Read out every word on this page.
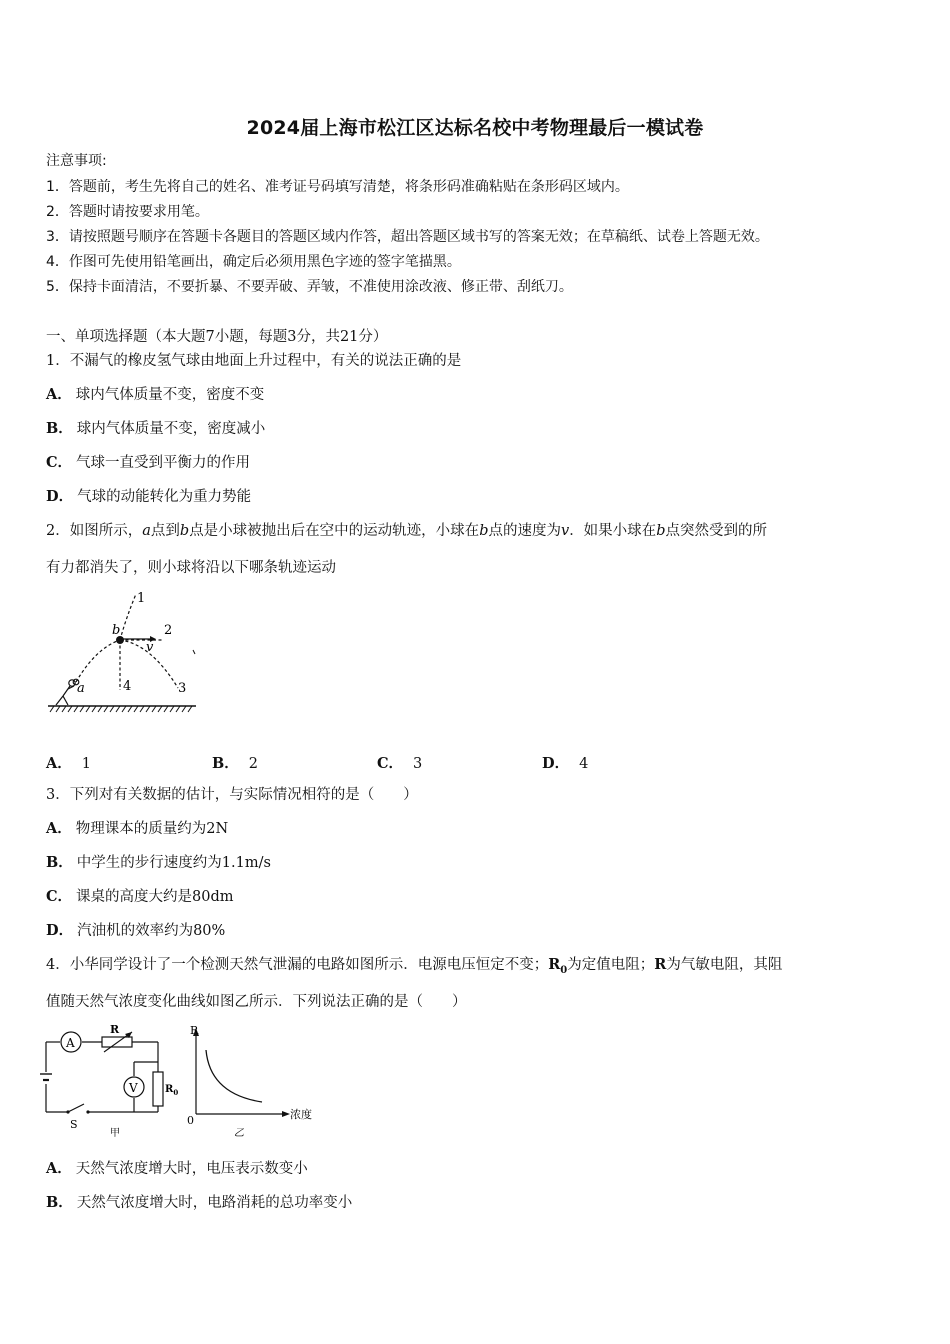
2024届上海市松江区达标名校中考物理最后一模试卷
注意事项:
1．答题前，考生先将自己的姓名、准考证号码填写清楚，将条形码准确粘贴在条形码区域内。
2．答题时请按要求用笔。
3．请按照题号顺序在答题卡各题目的答题区域内作答，超出答题区域书写的答案无效；在草稿纸、试卷上答题无效。
4．作图可先使用铅笔画出，确定后必须用黑色字迹的签字笔描黑。
5．保持卡面清洁，不要折暴、不要弄破、弄皱，不准使用涂改液、修正带、刮纸刀。
一、单项选择题（本大题7小题，每题3分，共21分）
1．不漏气的橡皮氢气球由地面上升过程中，有关的说法正确的是
A． 球内气体质量不变，密度不变
B． 球内气体质量不变，密度减小
C． 气球一直受到平衡力的作用
D． 气球的动能转化为重力势能
2．如图所示，a点到b点是小球被抛出后在空中的运动轨迹，小球在b点的速度为v．如果小球在b点突然受到的所
有力都消失了，则小球将沿以下哪条轨迹运动
1
2
3
4
a
b
v
A． 1	B． 2	C． 3	D． 4
3．下列对有关数据的估计，与实际情况相符的是（　　）
A． 物理课本的质量约为2N
B． 中学生的步行速度约为1.1m/s
C． 课桌的高度大约是80dm
D． 汽油机的效率约为80%
4．小华同学设计了一个检测天然气泄漏的电路如图所示．电源电压恒定不变；$R_0$为定值电阻；R为气敏电阻，其阻
值随天然气浓度变化曲线如图乙所示．下列说法正确的是（　　）
A
R
V	$R_0$
S
甲
R
浓度
0
乙
A． 天然气浓度增大时，电压表示数变小
B． 天然气浓度增大时，电路消耗的总功率变小
